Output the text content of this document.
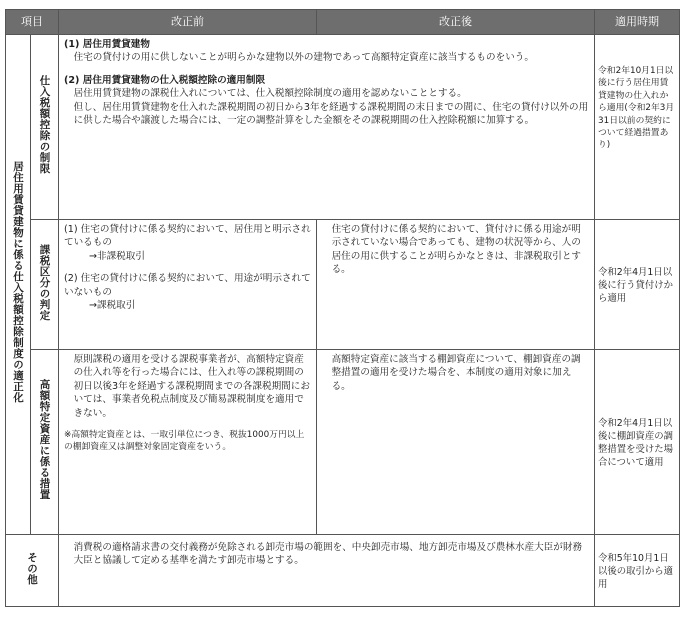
項目		改正前	改正後	適用時期
居住用賃貸建物に係る仕入税額控除制度の適正化	仕入税額控除の制限	(1) 居住用賃貸建物

住宅の貸付けの用に供しないことが明らかな建物以外の建物であって高額特定資産に該当するものをいう。

(2) 居住用賃貸建物の仕入税額控除の適用制限

居住用賃貸建物の課税仕入れについては、仕入税額控除制度の適用を認めないこととする。

但し、居住用賃貸建物を仕入れた課税期間の初日から3年を経過する課税期間の末日までの間に、住宅の貸付け以外の用に供した場合や譲渡した場合には、一定の調整計算をした金額をその課税期間の仕入控除税額に加算する。		令和2年10月1日以後に行う居住用賃貸建物の仕入れから適用(令和2年3月31日以前の契約について経過措置あり)
	課税区分の判定	(1) 住宅の貸付けに係る契約において、居住用と明示されているもの

→非課税取引

(2) 住宅の貸付けに係る契約において、用途が明示されていないもの

→課税取引	住宅の貸付けに係る契約において、貸付けに係る用途が明示されていない場合であっても、建物の状況等から、人の居住の用に供することが明らかなときは、非課税取引とする。	令和2年4月1日以後に行う貸付けから適用
	高額特定資産に係る措置	原則課税の適用を受ける課税事業者が、高額特定資産の仕入れ等を行った場合には、仕入れ等の課税期間の初日以後3年を経過する課税期間までの各課税期間においては、事業者免税点制度及び簡易課税制度を適用できない。

※高額特定資産とは、一取引単位につき、税抜1000万円以上の棚卸資産又は調整対象固定資産をいう。	高額特定資産に該当する棚卸資産について、棚卸資産の調整措置の適用を受けた場合を、本制度の適用対象に加える。	令和2年4月1日以後に棚卸資産の調整措置を受けた場合について適用
その他		消費税の適格請求書の交付義務が免除される卸売市場の範囲を、中央卸売市場、地方卸売市場及び農林水産大臣が財務大臣と協議して定める基準を満たす卸売市場とする。		令和5年10月1日以後の取引から適用
